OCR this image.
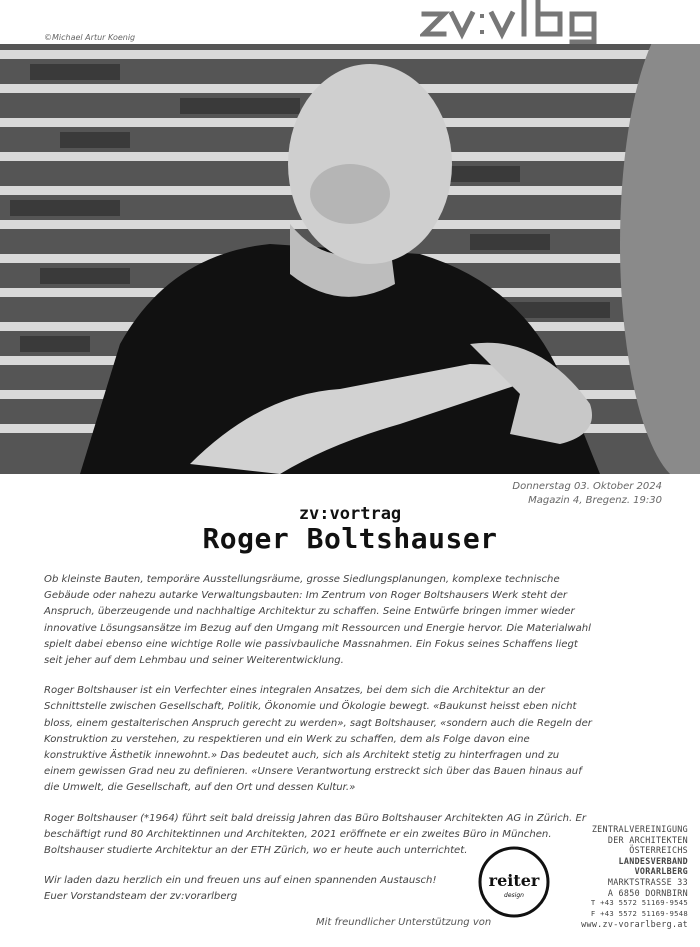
©Michael Artur Koenig
Donnerstag 03. Oktober 2024
Magazin 4, Bregenz. 19:30
zv:vortrag
Roger Boltshauser

Ob kleinste Bauten, temporäre Ausstellungsräume, grosse Siedlungsplanungen, komplexe technische Gebäude oder nahezu autarke Verwaltungsbauten: Im Zentrum von Roger Boltshausers Werk steht der Anspruch, überzeugende und nachhaltige Architektur zu schaffen. Seine Entwürfe bringen immer wieder innovative Lösungsansätze im Bezug auf den Umgang mit Ressourcen und Energie hervor. Die Materialwahl spielt dabei ebenso eine wichtige Rolle wie passivbauliche Massnahmen. Ein Fokus seines Schaffens liegt seit jeher auf dem Lehmbau und seiner Weiterentwicklung.

Roger Boltshauser ist ein Verfechter eines integralen Ansatzes, bei dem sich die Architektur an der Schnittstelle zwischen Gesellschaft, Politik, Ökonomie und Ökologie bewegt. «Baukunst heisst eben nicht bloss, einem gestalterischen Anspruch gerecht zu werden», sagt Boltshauser, «sondern auch die Regeln der Konstruktion zu verstehen, zu respektieren und ein Werk zu schaffen, dem als Folge davon eine konstruktive Ästhetik innewohnt.» Das bedeutet auch, sich als Architekt stetig zu hinterfragen und zu einem gewissen Grad neu zu definieren. «Unsere Verantwortung erstreckt sich über das Bauen hinaus auf die Umwelt, die Gesellschaft, auf den Ort und dessen Kultur.»

Roger Boltshauser (*1964) führt seit bald dreissig Jahren das Büro Boltshauser Architekten AG in Zürich. Er beschäftigt rund 80 Architektinnen und Architekten, 2021 eröffnete er ein zweites Büro in München. Boltshauser studierte Architektur an der ETH Zürich, wo er heute auch unterrichtet.

Wir laden dazu herzlich ein und freuen uns auf einen spannenden Austausch!
Euer Vorstandsteam der zv:vorarlberg
Mit freundlicher Unterstützung von
reiter
design
ZENTRALVEREINIGUNG
DER ARCHITEKTEN
ÖSTERREICHS
LANDESVERBAND
VORARLBERG
MARKTSTRASSE 33
A 6850 DORNBIRN
T +43 5572 51169-9545
F +43 5572 51169-9548
www.zv-vorarlberg.at
